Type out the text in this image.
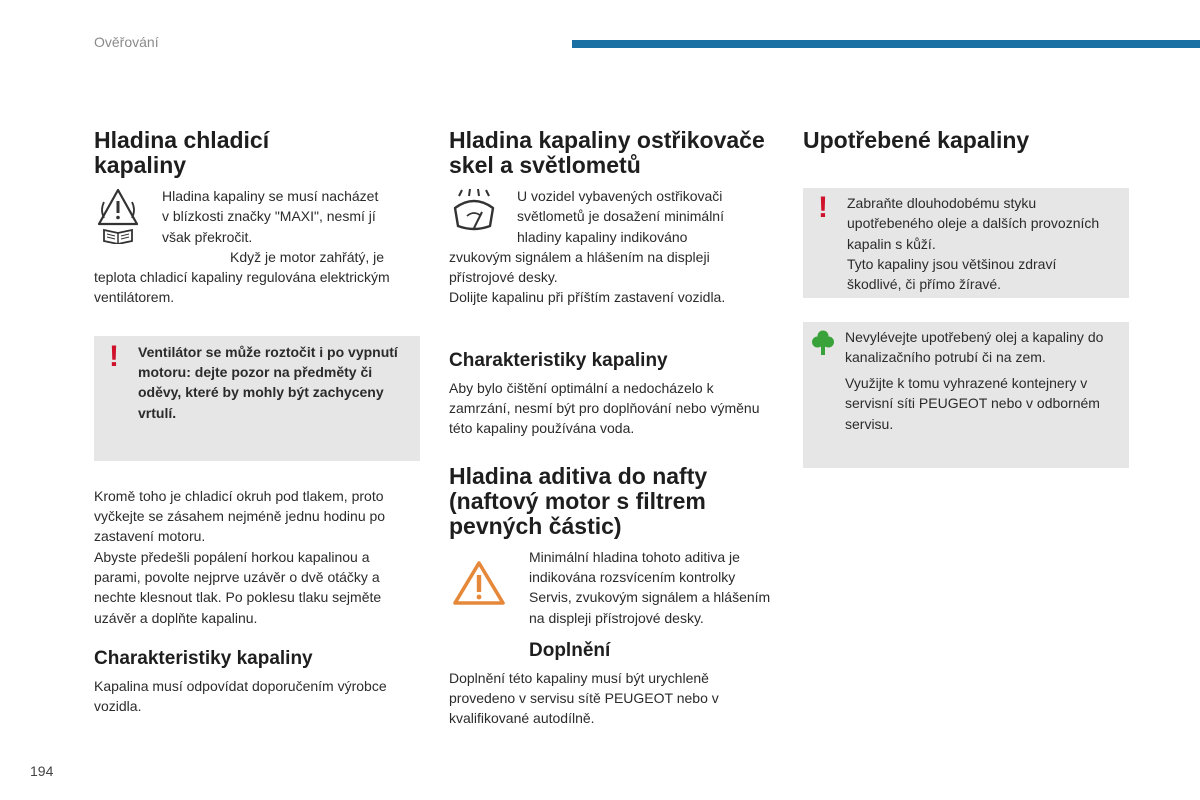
Ověřování
Hladina chladicí kapaliny

Hladina kapaliny se musí nacházet

v blízkosti značky "MAXI", nesmí jí

však překročit.

Když je motor zahřátý, je teplota chladicí kapaliny regulována elektrickým ventilátorem.

! Ventilátor se může roztočit i po vypnutí motoru: dejte pozor na předměty či oděvy, které by mohly být zachyceny vrtulí.

Kromě toho je chladicí okruh pod tlakem, proto vyčkejte se zásahem nejméně jednu hodinu po zastavení motoru.

Abyste předešli popálení horkou kapalinou a parami, povolte nejprve uzávěr o dvě otáčky a nechte klesnout tlak. Po poklesu tlaku sejměte uzávěr a doplňte kapalinu.

Charakteristiky kapaliny

Kapalina musí odpovídat doporučením výrobce vozidla.

Hladina kapaliny ostřikovače skel a světlometů

U vozidel vybavených ostřikovači

světlometů je dosažení minimální

hladiny kapaliny indikováno

zvukovým signálem a hlášením na displeji přístrojové desky.

Dolijte kapalinu při příštím zastavení vozidla.

Charakteristiky kapaliny

Aby bylo čištění optimální a nedocházelo k zamrzání, nesmí být pro doplňování nebo výměnu této kapaliny používána voda.

Hladina aditiva do nafty (naftový motor s filtrem pevných částic)

Minimální hladina tohoto aditiva je indikována rozsvícením kontrolky Servis, zvukovým signálem a hlášením na displeji přístrojové desky.

Doplnění

Doplnění této kapaliny musí být urychleně provedeno v servisu sítě PEUGEOT nebo v kvalifikované autodílně.

Upotřebené kapaliny
! Zabraňte dlouhodobému styku upotřebeného oleje a dalších provozních kapalin s kůží.

Tyto kapaliny jsou většinou zdraví škodlivé, či přímo žíravé.

Nevylévejte upotřebený olej a kapaliny do kanalizačního potrubí či na zem.

Využijte k tomu vyhrazené kontejnery v servisní síti PEUGEOT nebo v odborném servisu.

194
